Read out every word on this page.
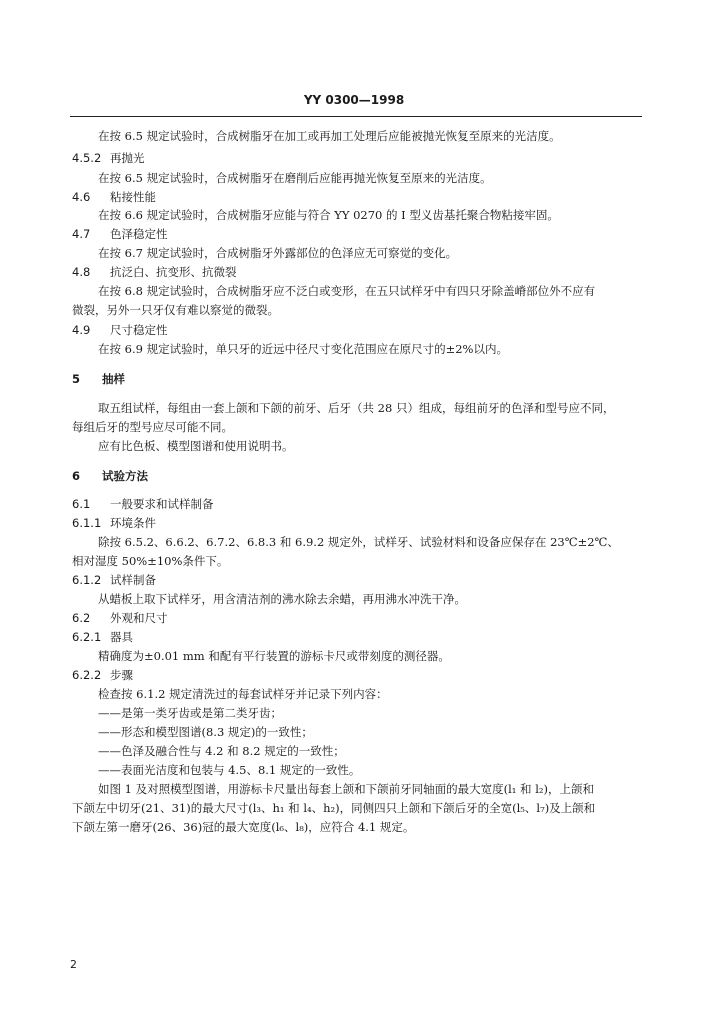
YY 0300—1998
在按 6.5 规定试验时，合成树脂牙在加工或再加工处理后应能被抛光恢复至原来的光洁度。
4.5.2 再抛光
在按 6.5 规定试验时，合成树脂牙在磨削后应能再抛光恢复至原来的光洁度。
4.6 粘接性能
在按 6.6 规定试验时，合成树脂牙应能与符合 YY 0270 的 I 型义齿基托聚合物粘接牢固。
4.7 色泽稳定性
在按 6.7 规定试验时，合成树脂牙外露部位的色泽应无可察觉的变化。
4.8 抗泛白、抗变形、抗微裂
在按 6.8 规定试验时，合成树脂牙应不泛白或变形，在五只试样牙中有四只牙除盖嵴部位外不应有
微裂，另外一只牙仅有难以察觉的微裂。
4.9 尺寸稳定性
在按 6.9 规定试验时，单只牙的近远中径尺寸变化范围应在原尺寸的±2%以内。
5 抽样
取五组试样，每组由一套上颌和下颌的前牙、后牙（共 28 只）组成，每组前牙的色泽和型号应不同，
每组后牙的型号应尽可能不同。
应有比色板、模型图谱和使用说明书。
6 试验方法
6.1 一般要求和试样制备
6.1.1 环境条件
除按 6.5.2、6.6.2、6.7.2、6.8.3 和 6.9.2 规定外，试样牙、试验材料和设备应保存在 23℃±2℃、
相对湿度 50%±10%条件下。
6.1.2 试样制备
从蜡板上取下试样牙，用含清洁剂的沸水除去余蜡，再用沸水冲洗干净。
6.2 外观和尺寸
6.2.1 器具
精确度为±0.01 mm 和配有平行装置的游标卡尺或带刻度的测径器。
6.2.2 步骤
检查按 6.1.2 规定清洗过的每套试样牙并记录下列内容：
——是第一类牙齿或是第二类牙齿；
——形态和模型图谱(8.3 规定)的一致性；
——色泽及融合性与 4.2 和 8.2 规定的一致性；
——表面光洁度和包装与 4.5、8.1 规定的一致性。
如图 1 及对照模型图谱，用游标卡尺量出每套上颌和下颌前牙同轴面的最大宽度(l₁ 和 l₂)，上颌和
下颌左中切牙(21、31)的最大尺寸(l₃、h₁ 和 l₄、h₂)，同侧四只上颌和下颌后牙的全宽(l₅、l₇)及上颌和
下颌左第一磨牙(26、36)冠的最大宽度(l₆、l₈)，应符合 4.1 规定。
2
